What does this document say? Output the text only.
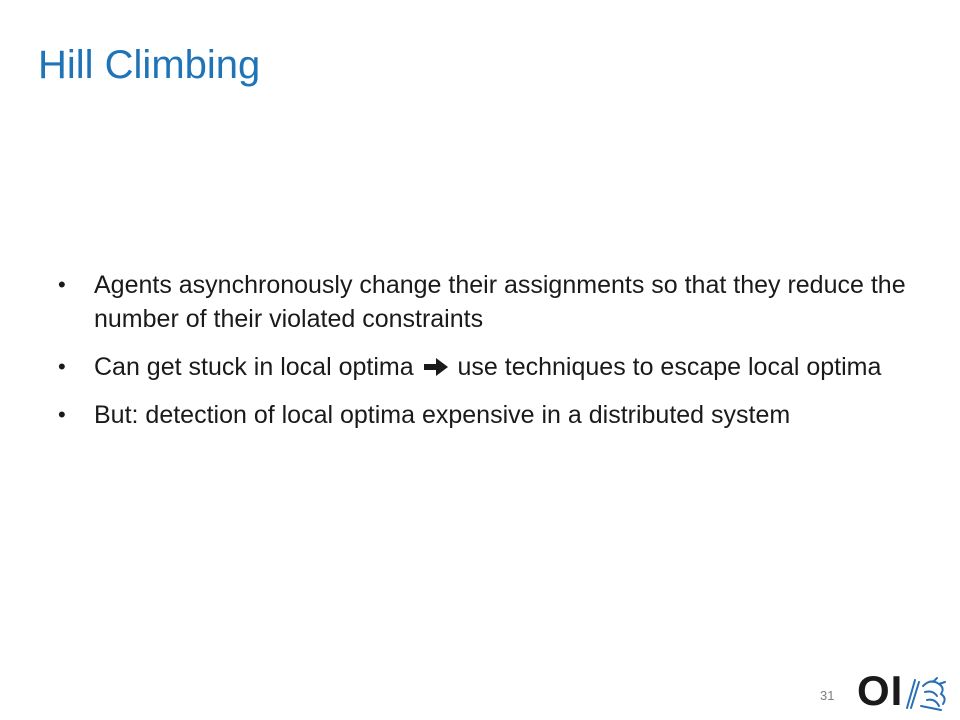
Hill Climbing
• Agents asynchronously change their assignments so that they reduce the number of their violated constraints
• Can get stuck in local optima use techniques to escape local optima
• But: detection of local optima expensive in a distributed system
31 OI
